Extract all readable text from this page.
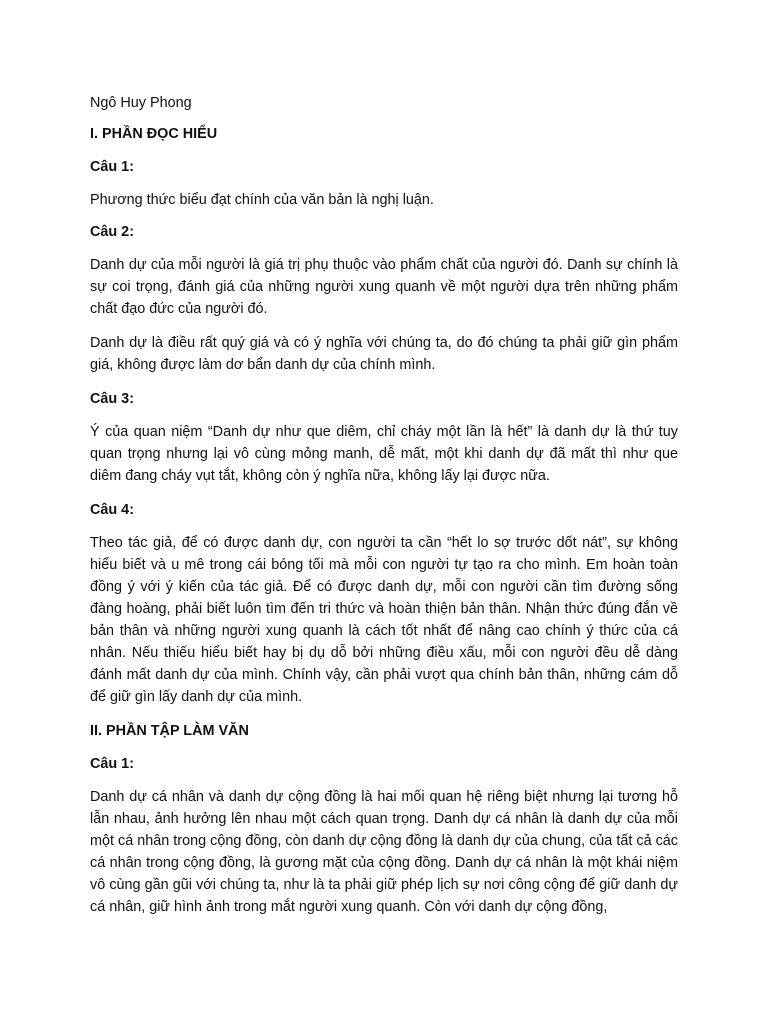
Ngô Huy Phong

I. PHẦN ĐỌC HIỂU

Câu 1:

Phương thức biểu đạt chính của văn bản là nghị luận.

Câu 2:

Danh dự của mỗi người là giá trị phụ thuộc vào phẩm chất của người đó. Danh sự chính là sự coi trọng, đánh giá của những người xung quanh về một người dựa trên những phẩm chất đạo đức của người đó.

Danh dự là điều rất quý giá và có ý nghĩa với chúng ta, do đó chúng ta phải giữ gìn phẩm giá, không được làm dơ bẩn danh dự của chính mình.

Câu 3:

Ý của quan niệm “Danh dự như que diêm, chỉ cháy một lần là hết” là danh dự là thứ tuy quan trọng nhưng lại vô cùng mỏng manh, dễ mất, một khi danh dự đã mất thì như que diêm đang cháy vụt tắt, không còn ý nghĩa nữa, không lấy lại được nữa.

Câu 4:

Theo tác giả, để có được danh dự, con người ta cần “hết lo sợ trước dốt nát”, sự không hiểu biết và u mê trong cái bóng tối mà mỗi con người tự tạo ra cho mình. Em hoàn toàn đồng ý với ý kiến của tác giả. Để có được danh dự, mỗi con người cần tìm đường sống đàng hoàng, phải biết luôn tìm đến tri thức và hoàn thiện bản thân. Nhận thức đúng đắn về bản thân và những người xung quanh là cách tốt nhất để nâng cao chính ý thức của cá nhân. Nếu thiếu hiểu biết hay bị dụ dỗ bởi những điều xấu, mỗi con người đều dễ dàng đánh mất danh dự của mình. Chính vậy, cần phải vượt qua chính bản thân, những cám dỗ để giữ gìn lấy danh dự của mình.

II. PHẦN TẬP LÀM VĂN

Câu 1:

Danh dự cá nhân và danh dự cộng đồng là hai mối quan hệ riêng biệt nhưng lại tương hỗ lẫn nhau, ảnh hưởng lên nhau một cách quan trọng. Danh dự cá nhân là danh dự của mỗi một cá nhân trong cộng đồng, còn danh dự cộng đồng là danh dự của chung, của tất cả các cá nhân trong cộng đồng, là gương mặt của cộng đồng. Danh dự cá nhân là một khái niệm vô cùng gần gũi với chúng ta, như là ta phải giữ phép lịch sự nơi công cộng để giữ danh dự cá nhân, giữ hình ảnh trong mắt người xung quanh. Còn với danh dự cộng đồng,
